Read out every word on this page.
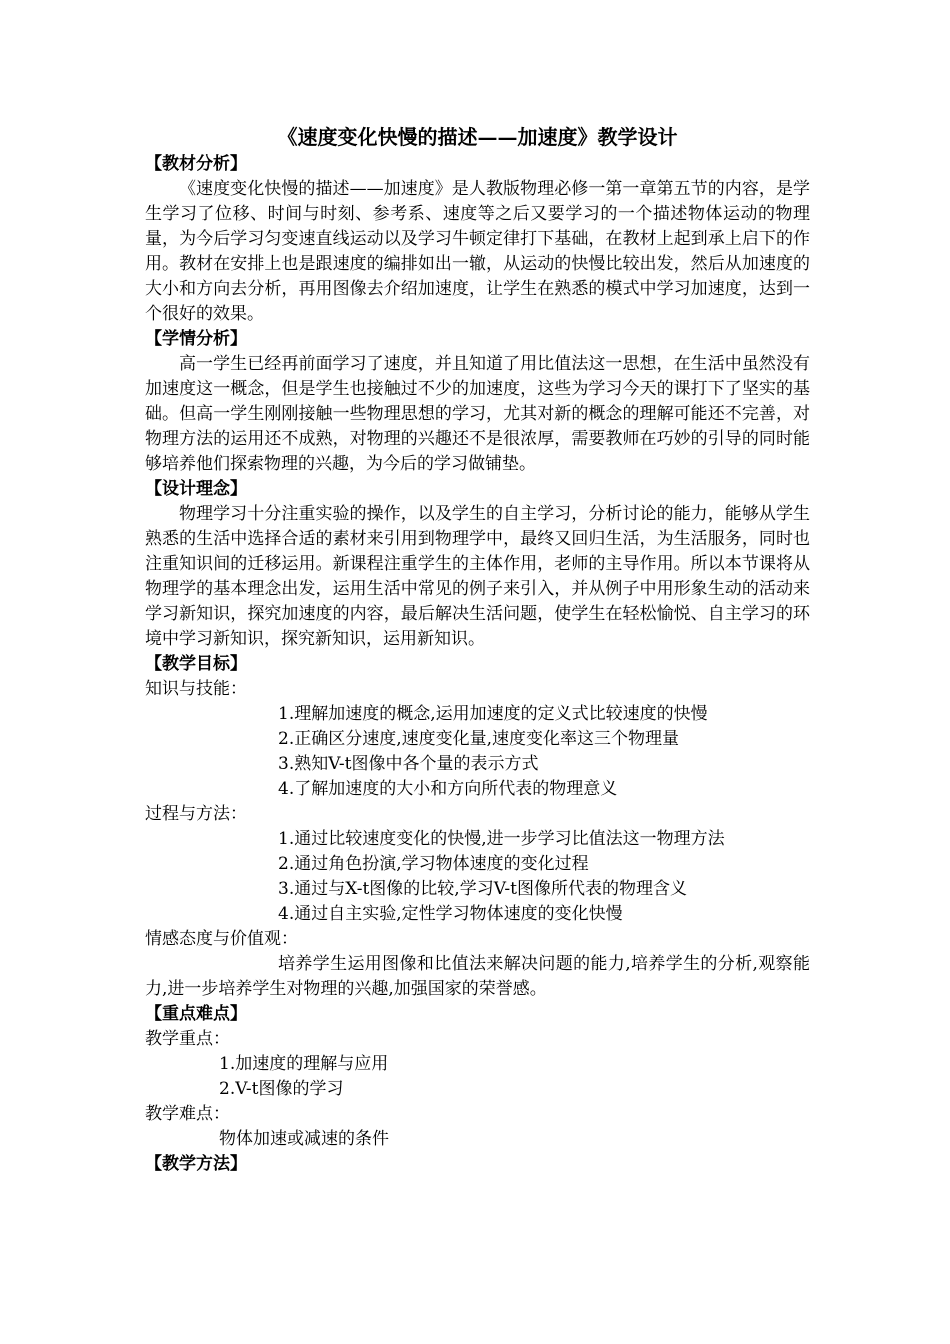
《速度变化快慢的描述——加速度》教学设计

【教材分析】

《速度变化快慢的描述——加速度》是人教版物理必修一第一章第五节的内容，是学生学习了位移、时间与时刻、参考系、速度等之后又要学习的一个描述物体运动的物理量，为今后学习匀变速直线运动以及学习牛顿定律打下基础，在教材上起到承上启下的作用。教材在安排上也是跟速度的编排如出一辙，从运动的快慢比较出发，然后从加速度的大小和方向去分析，再用图像去介绍加速度，让学生在熟悉的模式中学习加速度，达到一个很好的效果。

【学情分析】

高一学生已经再前面学习了速度，并且知道了用比值法这一思想，在生活中虽然没有加速度这一概念，但是学生也接触过不少的加速度，这些为学习今天的课打下了坚实的基础。但高一学生刚刚接触一些物理思想的学习，尤其对新的概念的理解可能还不完善，对物理方法的运用还不成熟，对物理的兴趣还不是很浓厚，需要教师在巧妙的引导的同时能够培养他们探索物理的兴趣，为今后的学习做铺垫。

【设计理念】

物理学习十分注重实验的操作，以及学生的自主学习，分析讨论的能力，能够从学生熟悉的生活中选择合适的素材来引用到物理学中，最终又回归生活，为生活服务，同时也注重知识间的迁移运用。新课程注重学生的主体作用，老师的主导作用。所以本节课将从物理学的基本理念出发，运用生活中常见的例子来引入，并从例子中用形象生动的活动来学习新知识，探究加速度的内容，最后解决生活问题，使学生在轻松愉悦、自主学习的环境中学习新知识，探究新知识，运用新知识。

【教学目标】

知识与技能：

1.理解加速度的概念,运用加速度的定义式比较速度的快慢

2.正确区分速度,速度变化量,速度变化率这三个物理量

3.熟知V-t图像中各个量的表示方式

4.了解加速度的大小和方向所代表的物理意义

过程与方法：

1.通过比较速度变化的快慢,进一步学习比值法这一物理方法

2.通过角色扮演,学习物体速度的变化过程

3.通过与X-t图像的比较,学习V-t图像所代表的物理含义

4.通过自主实验,定性学习物体速度的变化快慢

情感态度与价值观：

培养学生运用图像和比值法来解决问题的能力,培养学生的分析,观察能力,进一步培养学生对物理的兴趣,加强国家的荣誉感。

【重点难点】

教学重点：

1.加速度的理解与应用

2.V-t图像的学习

教学难点：

物体加速或减速的条件

【教学方法】
